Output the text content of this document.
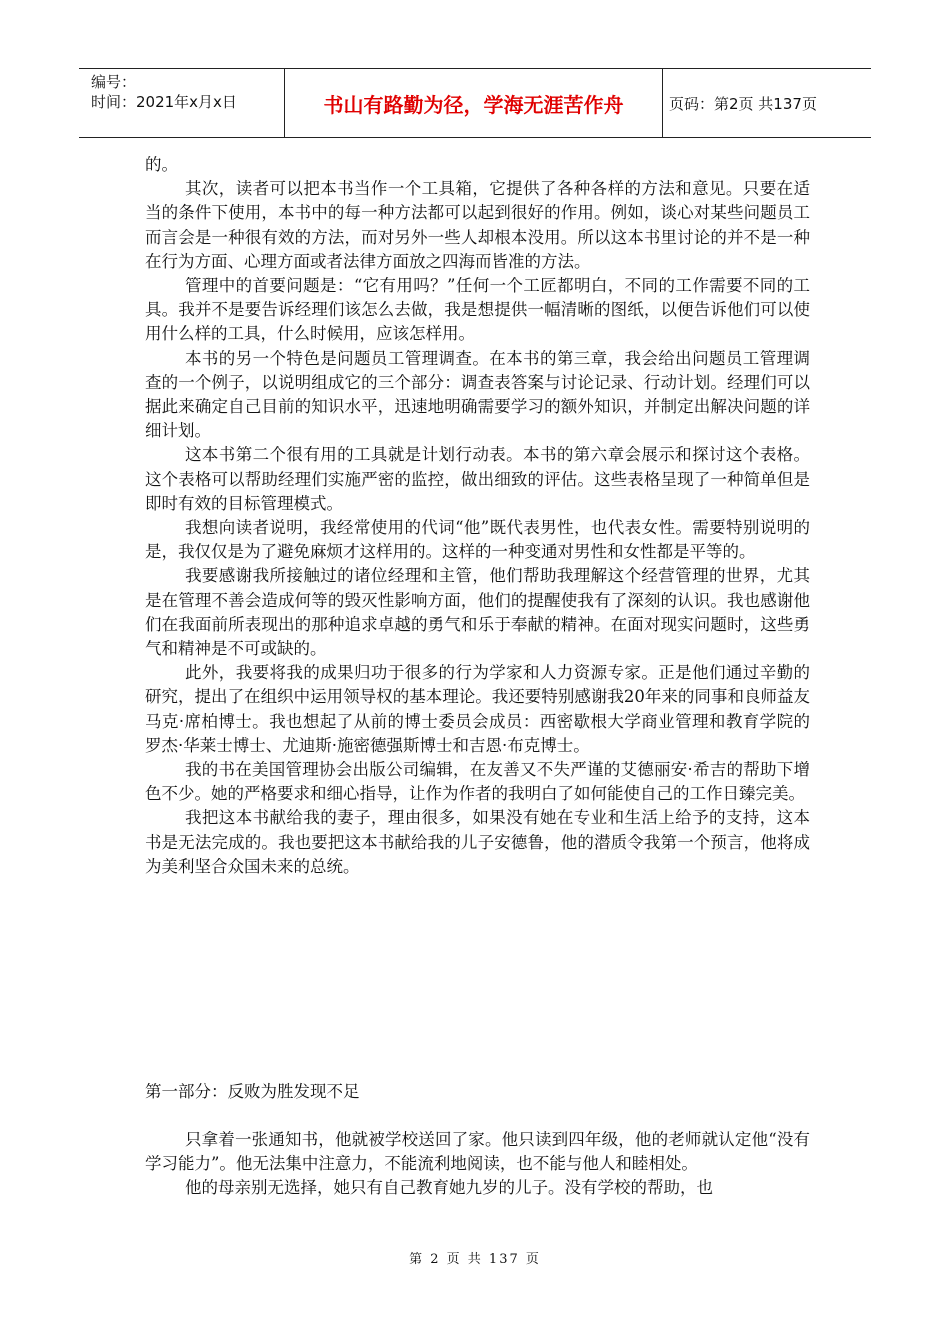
编号：
时间：2021年x月x日	书山有路勤为径，学海无涯苦作舟	页码：第2页 共137页

的。

其次，读者可以把本书当作一个工具箱，它提供了各种各样的方法和意见。只要在适当的条件下使用，本书中的每一种方法都可以起到很好的作用。例如，谈心对某些问题员工而言会是一种很有效的方法，而对另外一些人却根本没用。所以这本书里讨论的并不是一种在行为方面、心理方面或者法律方面放之四海而皆准的方法。

管理中的首要问题是：“它有用吗？”任何一个工匠都明白，不同的工作需要不同的工具。我并不是要告诉经理们该怎么去做，我是想提供一幅清晰的图纸，以便告诉他们可以使用什么样的工具，什么时候用，应该怎样用。

本书的另一个特色是问题员工管理调查。在本书的第三章，我会给出问题员工管理调查的一个例子，以说明组成它的三个部分：调查表答案与讨论记录、行动计划。经理们可以据此来确定自己目前的知识水平，迅速地明确需要学习的额外知识，并制定出解决问题的详细计划。

这本书第二个很有用的工具就是计划行动表。本书的第六章会展示和探讨这个表格。这个表格可以帮助经理们实施严密的监控，做出细致的评估。这些表格呈现了一种简单但是即时有效的目标管理模式。

我想向读者说明，我经常使用的代词“他”既代表男性，也代表女性。需要特别说明的是，我仅仅是为了避免麻烦才这样用的。这样的一种变通对男性和女性都是平等的。

我要感谢我所接触过的诸位经理和主管，他们帮助我理解这个经营管理的世界，尤其是在管理不善会造成何等的毁灭性影响方面，他们的提醒使我有了深刻的认识。我也感谢他们在我面前所表现出的那种追求卓越的勇气和乐于奉献的精神。在面对现实问题时，这些勇气和精神是不可或缺的。

此外，我要将我的成果归功于很多的行为学家和人力资源专家。正是他们通过辛勤的研究，提出了在组织中运用领导权的基本理论。我还要特别感谢我20年来的同事和良师益友马克·席柏博士。我也想起了从前的博士委员会成员：西密歇根大学商业管理和教育学院的罗杰·华莱士博士、尤迪斯·施密德强斯博士和吉恩·布克博士。

我的书在美国管理协会出版公司编辑，在友善又不失严谨的艾德丽安·希吉的帮助下增色不少。她的严格要求和细心指导，让作为作者的我明白了如何能使自己的工作日臻完美。

我把这本书献给我的妻子，理由很多，如果没有她在专业和生活上给予的支持，这本书是无法完成的。我也要把这本书献给我的儿子安德鲁，他的潜质令我第一个预言，他将成为美利坚合众国未来的总统。

第一部分：反败为胜发现不足

只拿着一张通知书，他就被学校送回了家。他只读到四年级，他的老师就认定他“没有学习能力”。他无法集中注意力，不能流利地阅读，也不能与他人和睦相处。

他的母亲别无选择，她只有自己教育她九岁的儿子。没有学校的帮助，也

第 2 页 共 137 页
